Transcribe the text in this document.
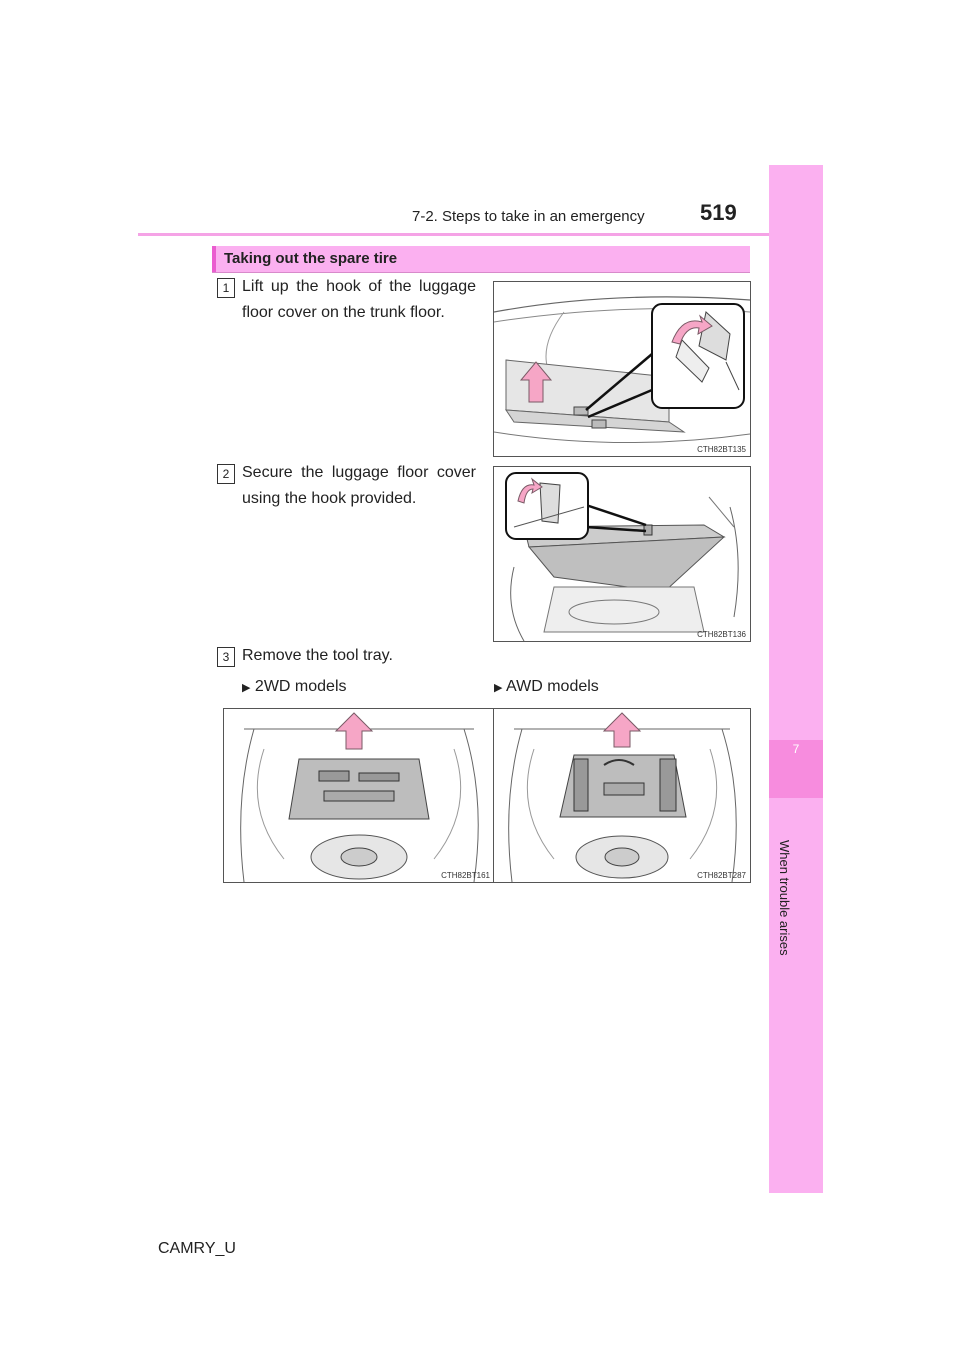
7-2. Steps to take in an emergency	519
7
When trouble arises
Taking out the spare tire
1 Lift up the hook of the luggage floor cover on the trunk floor.
CTH82BT135
2 Secure the luggage floor cover using the hook provided.
CTH82BT136
3 Remove the tool tray.
▶ 2WD models	▶ AWD models
CTH82BT161	CTH82BT287
CAMRY_U
